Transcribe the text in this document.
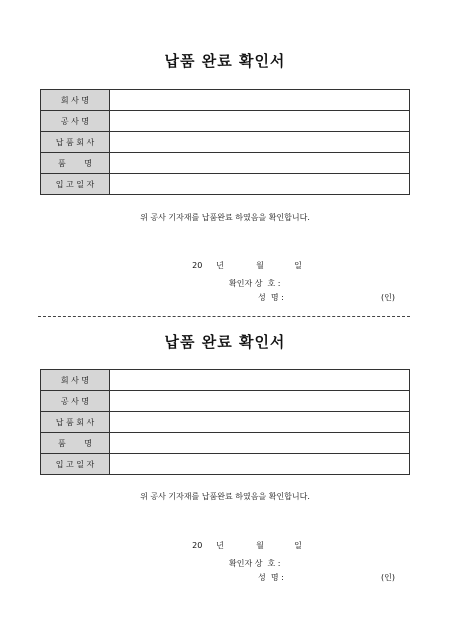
납품 완료 확인서
회 사 명	
공 사 명	
납 품 회 사	
품　 　명	
입 고 일 자	
위 공사 기자재를 납품완료 하였음을 확인합니다.

20 년	월	일

확인자 상  호 :
성  명 :	(인)
납품 완료 확인서
회 사 명	
공 사 명	
납 품 회 사	
품　 　명	
입 고 일 자	
위 공사 기자재를 납품완료 하였음을 확인합니다.

20 년	월	일

확인자 상  호 :
성  명 :	(인)
